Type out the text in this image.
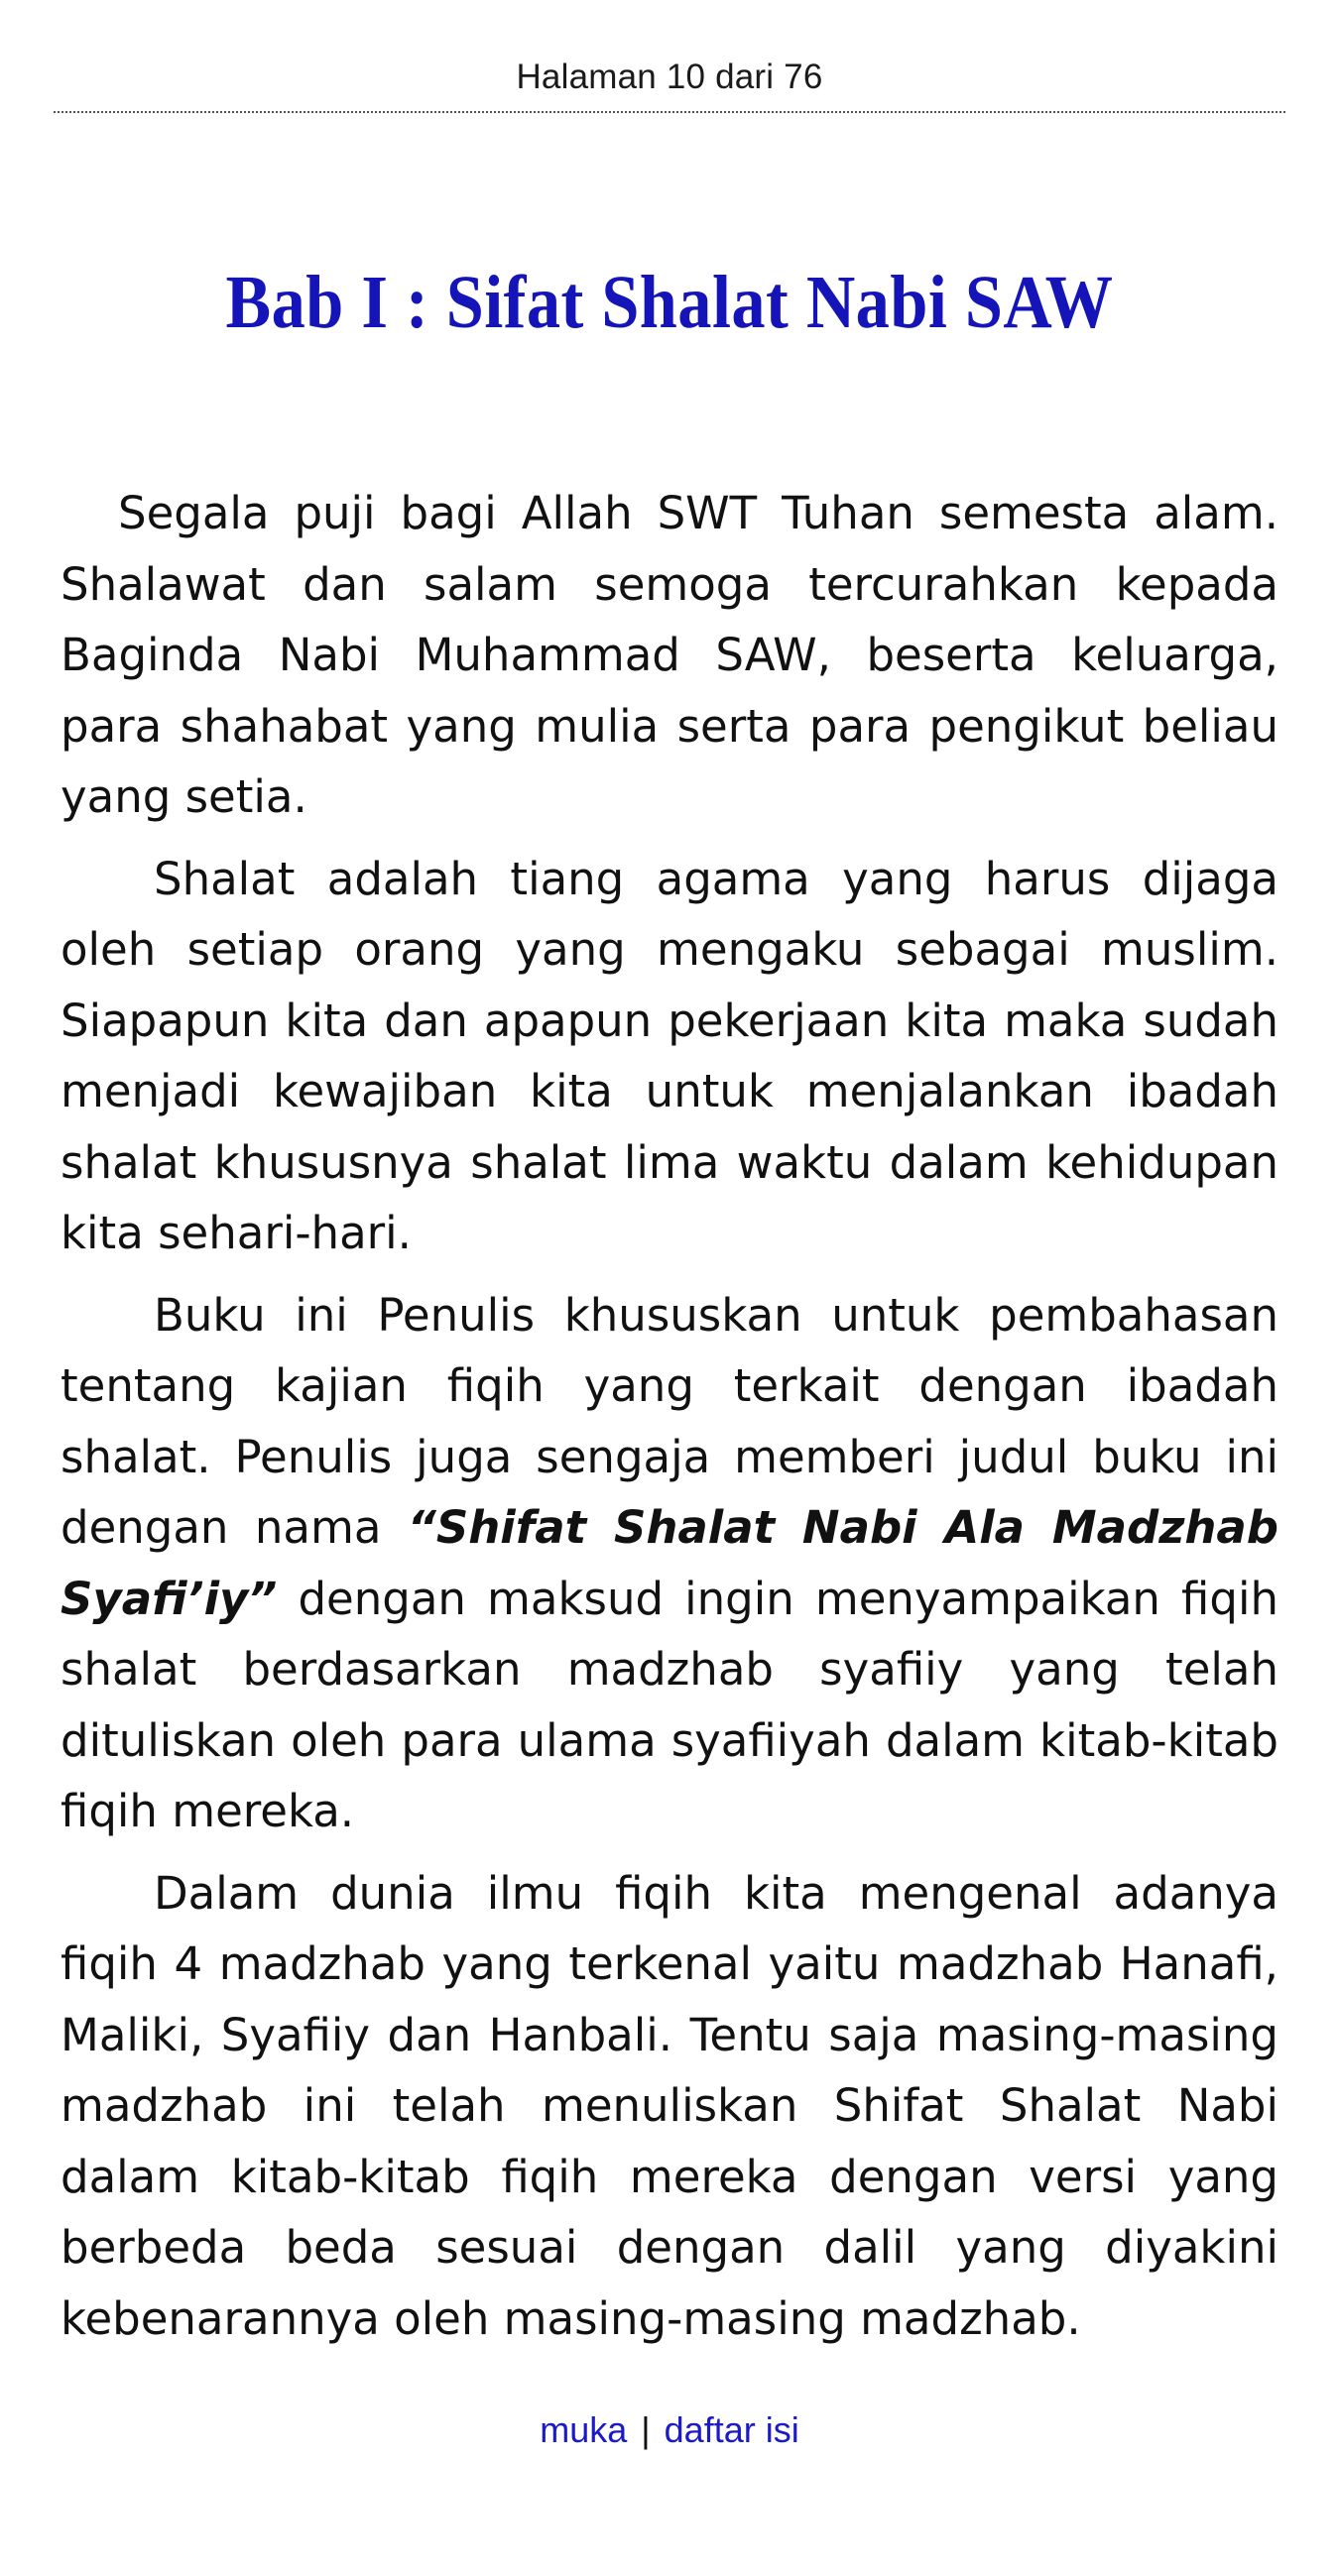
Halaman 10 dari 76
Bab I : Sifat Shalat Nabi SAW

Segala puji bagi Allah SWT Tuhan semesta alam. Shalawat dan salam semoga tercurahkan kepada Baginda Nabi Muhammad SAW, beserta keluarga, para shahabat yang mulia serta para pengikut beliau yang setia.

Shalat adalah tiang agama yang harus dijaga oleh setiap orang yang mengaku sebagai muslim. Siapapun kita dan apapun pekerjaan kita maka sudah menjadi kewajiban kita untuk menjalankan ibadah shalat khususnya shalat lima waktu dalam kehidupan kita sehari-hari.

Buku ini Penulis khususkan untuk pembahasan tentang kajian fiqih yang terkait dengan ibadah shalat. Penulis juga sengaja memberi judul buku ini dengan nama “Shifat Shalat Nabi Ala Madzhab Syafi’iy” dengan maksud ingin menyampaikan fiqih shalat berdasarkan madzhab syafiiy yang telah dituliskan oleh para ulama syafiiyah dalam kitab-kitab fiqih mereka.

Dalam dunia ilmu fiqih kita mengenal adanya fiqih 4 madzhab yang terkenal yaitu madzhab Hanafi, Maliki, Syafiiy dan Hanbali. Tentu saja masing-masing madzhab ini telah menuliskan Shifat Shalat Nabi dalam kitab-kitab fiqih mereka dengan versi yang berbeda beda sesuai dengan dalil yang diyakini kebenarannya oleh masing-masing madzhab.

muka | daftar isi
